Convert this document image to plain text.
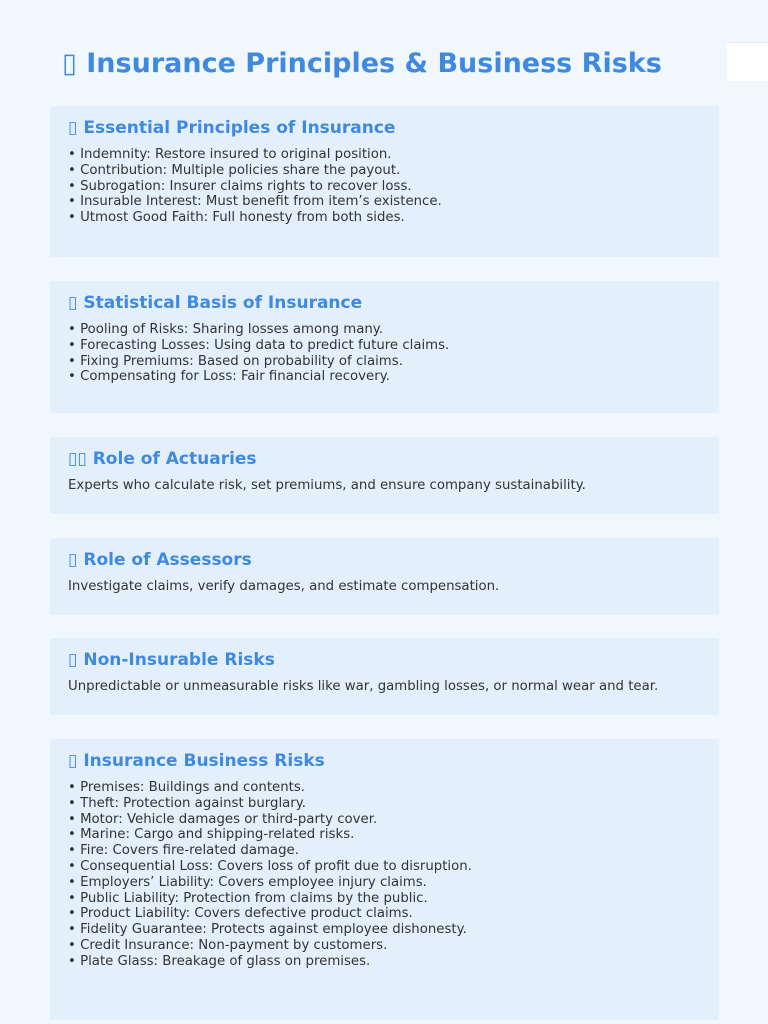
▯ Insurance Principles & Business Risks
▯ Essential Principles of Insurance
• Indemnity: Restore insured to original position.
• Contribution: Multiple policies share the payout.
• Subrogation: Insurer claims rights to recover loss.
• Insurable Interest: Must benefit from item’s existence.
• Utmost Good Faith: Full honesty from both sides.
▯ Statistical Basis of Insurance
• Pooling of Risks: Sharing losses among many.
• Forecasting Losses: Using data to predict future claims.
• Fixing Premiums: Based on probability of claims.
• Compensating for Loss: Fair financial recovery.
▯▯ Role of Actuaries

Experts who calculate risk, set premiums, and ensure company sustainability.

▯ Role of Assessors

Investigate claims, verify damages, and estimate compensation.

▯ Non-Insurable Risks

Unpredictable or unmeasurable risks like war, gambling losses, or normal wear and tear.

▯ Insurance Business Risks
• Premises: Buildings and contents.
• Theft: Protection against burglary.
• Motor: Vehicle damages or third-party cover.
• Marine: Cargo and shipping-related risks.
• Fire: Covers fire-related damage.
• Consequential Loss: Covers loss of profit due to disruption.
• Employers’ Liability: Covers employee injury claims.
• Public Liability: Protection from claims by the public.
• Product Liability: Covers defective product claims.
• Fidelity Guarantee: Protects against employee dishonesty.
• Credit Insurance: Non-payment by customers.
• Plate Glass: Breakage of glass on premises.
